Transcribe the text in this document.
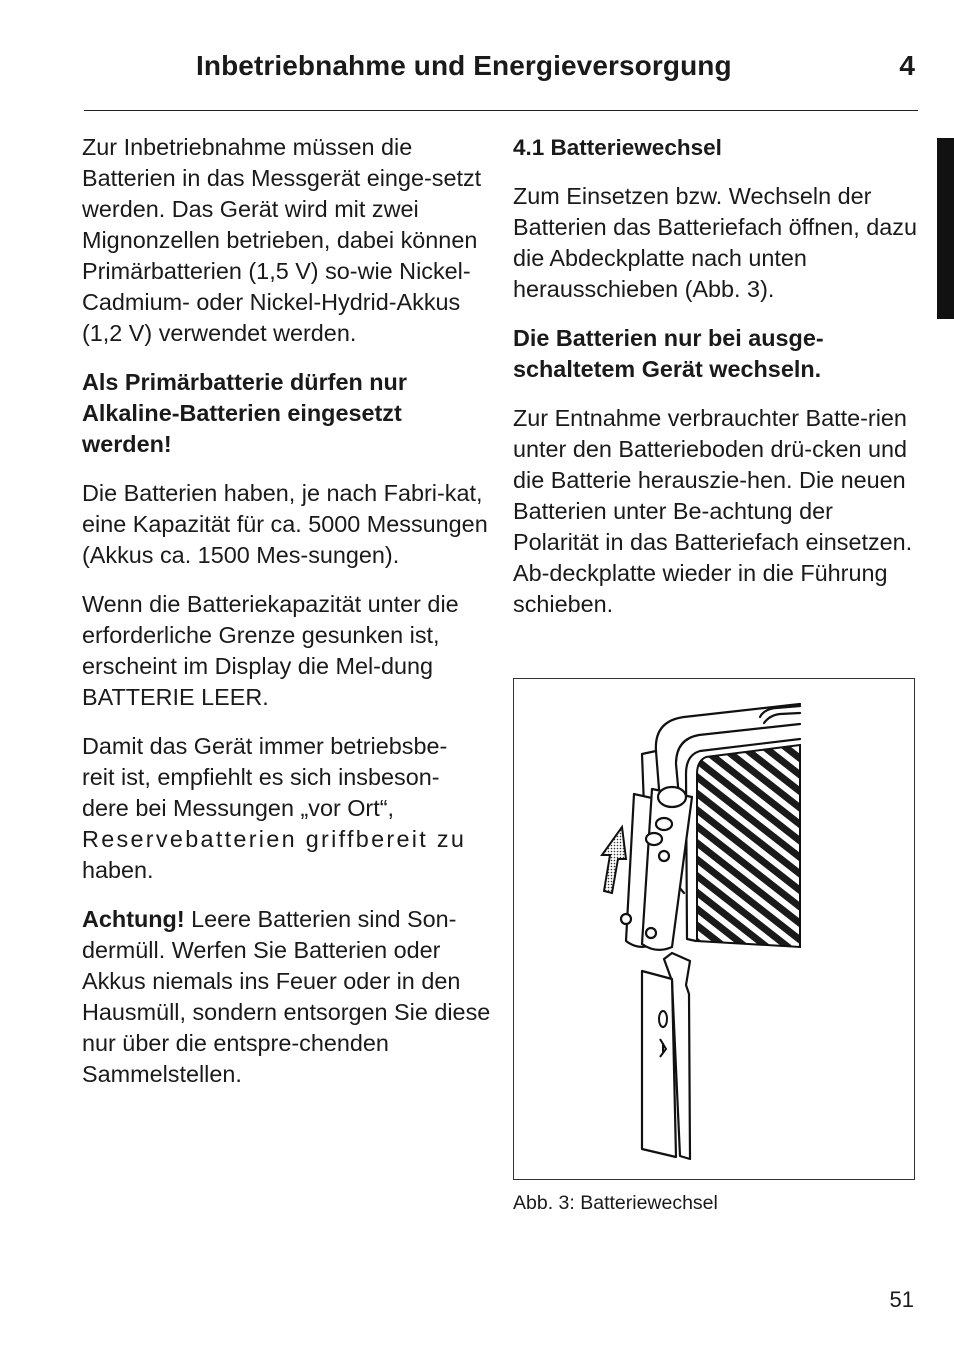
Inbetriebnahme und Energieversorgung	4

Zur Inbetriebnahme müssen die Batterien in das Messgerät einge-setzt werden. Das Gerät wird mit zwei Mignonzellen betrieben, dabei können Primärbatterien (1,5 V) so-wie Nickel-Cadmium- oder Nickel-Hydrid-Akkus (1,2 V) verwendet werden.

Als Primärbatterie dürfen nur Alkaline-Batterien eingesetzt werden!

Die Batterien haben, je nach Fabri-kat, eine Kapazität für ca. 5000 Messungen (Akkus ca. 1500 Mes-sungen).

Wenn die Batteriekapazität unter die erforderliche Grenze gesunken ist, erscheint im Display die Mel-dung BATTERIE LEER.

Damit das Gerät immer betriebsbe-
reit ist, empfiehlt es sich insbeson-
dere bei Messungen „vor Ort“,
Reservebatterien griffbereit zu
haben.

Achtung! Leere Batterien sind Son-dermüll. Werfen Sie Batterien oder Akkus niemals ins Feuer oder in den Hausmüll, sondern entsorgen Sie diese nur über die entspre-chenden Sammelstellen.

4.1 Batteriewechsel

Zum Einsetzen bzw. Wechseln der Batterien das Batteriefach öffnen, dazu die Abdeckplatte nach unten herausschieben (Abb. 3).

Die Batterien nur bei ausge-schaltetem Gerät wechseln.

Zur Entnahme verbrauchter Batte-rien unter den Batterieboden drü-cken und die Batterie herauszie-hen. Die neuen Batterien unter Be-achtung der Polarität in das Batteriefach einsetzen. Ab-deckplatte wieder in die Führung schieben.

Abb. 3: Batteriewechsel
51
